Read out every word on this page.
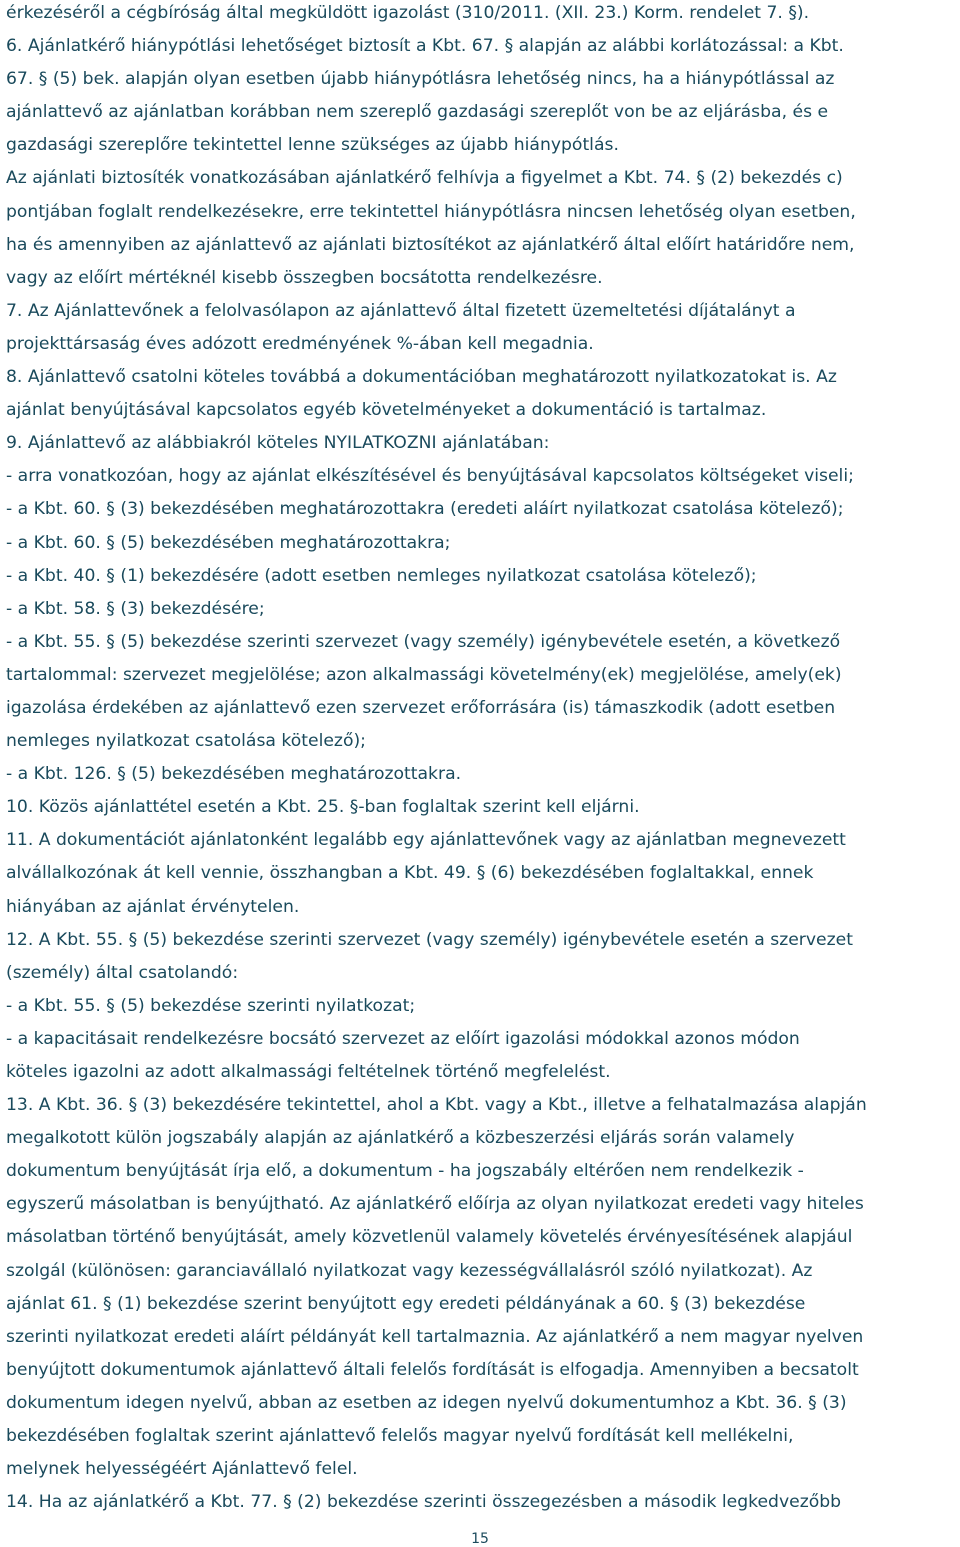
érkezéséről a cégbíróság által megküldött igazolást (310/2011. (XII. 23.) Korm. rendelet 7. §).
6. Ajánlatkérő hiánypótlási lehetőséget biztosít a Kbt. 67. § alapján az alábbi korlátozással: a Kbt.
67. § (5) bek. alapján olyan esetben újabb hiánypótlásra lehetőség nincs, ha a hiánypótlással az
ajánlattevő az ajánlatban korábban nem szereplő gazdasági szereplőt von be az eljárásba, és e
gazdasági szereplőre tekintettel lenne szükséges az újabb hiánypótlás.
Az ajánlati biztosíték vonatkozásában ajánlatkérő felhívja a figyelmet a Kbt. 74. § (2) bekezdés c)
pontjában foglalt rendelkezésekre, erre tekintettel hiánypótlásra nincsen lehetőség olyan esetben,
ha és amennyiben az ajánlattevő az ajánlati biztosítékot az ajánlatkérő által előírt határidőre nem,
vagy az előírt mértéknél kisebb összegben bocsátotta rendelkezésre.
7. Az Ajánlattevőnek a felolvasólapon az ajánlattevő által fizetett üzemeltetési díjátalányt a
projekttársaság éves adózott eredményének %-ában kell megadnia.
8. Ajánlattevő csatolni köteles továbbá a dokumentációban meghatározott nyilatkozatokat is. Az
ajánlat benyújtásával kapcsolatos egyéb követelményeket a dokumentáció is tartalmaz.
9. Ajánlattevő az alábbiakról köteles NYILATKOZNI ajánlatában:
- arra vonatkozóan, hogy az ajánlat elkészítésével és benyújtásával kapcsolatos költségeket viseli;
- a Kbt. 60. § (3) bekezdésében meghatározottakra (eredeti aláírt nyilatkozat csatolása kötelező);
- a Kbt. 60. § (5) bekezdésében meghatározottakra;
- a Kbt. 40. § (1) bekezdésére (adott esetben nemleges nyilatkozat csatolása kötelező);
- a Kbt. 58. § (3) bekezdésére;
- a Kbt. 55. § (5) bekezdése szerinti szervezet (vagy személy) igénybevétele esetén, a következő
tartalommal: szervezet megjelölése; azon alkalmassági követelmény(ek) megjelölése, amely(ek)
igazolása érdekében az ajánlattevő ezen szervezet erőforrására (is) támaszkodik (adott esetben
nemleges nyilatkozat csatolása kötelező);
- a Kbt. 126. § (5) bekezdésében meghatározottakra.
10. Közös ajánlattétel esetén a Kbt. 25. §-ban foglaltak szerint kell eljárni.
11. A dokumentációt ajánlatonként legalább egy ajánlattevőnek vagy az ajánlatban megnevezett
alvállalkozónak át kell vennie, összhangban a Kbt. 49. § (6) bekezdésében foglaltakkal, ennek
hiányában az ajánlat érvénytelen.
12. A Kbt. 55. § (5) bekezdése szerinti szervezet (vagy személy) igénybevétele esetén a szervezet
(személy) által csatolandó:
- a Kbt. 55. § (5) bekezdése szerinti nyilatkozat;
- a kapacitásait rendelkezésre bocsátó szervezet az előírt igazolási módokkal azonos módon
köteles igazolni az adott alkalmassági feltételnek történő megfelelést.
13. A Kbt. 36. § (3) bekezdésére tekintettel, ahol a Kbt. vagy a Kbt., illetve a felhatalmazása alapján
megalkotott külön jogszabály alapján az ajánlatkérő a közbeszerzési eljárás során valamely
dokumentum benyújtását írja elő, a dokumentum - ha jogszabály eltérően nem rendelkezik -
egyszerű másolatban is benyújtható. Az ajánlatkérő előírja az olyan nyilatkozat eredeti vagy hiteles
másolatban történő benyújtását, amely közvetlenül valamely követelés érvényesítésének alapjául
szolgál (különösen: garanciavállaló nyilatkozat vagy kezességvállalásról szóló nyilatkozat). Az
ajánlat 61. § (1) bekezdése szerint benyújtott egy eredeti példányának a 60. § (3) bekezdése
szerinti nyilatkozat eredeti aláírt példányát kell tartalmaznia. Az ajánlatkérő a nem magyar nyelven
benyújtott dokumentumok ajánlattevő általi felelős fordítását is elfogadja. Amennyiben a becsatolt
dokumentum idegen nyelvű, abban az esetben az idegen nyelvű dokumentumhoz a Kbt. 36. § (3)
bekezdésében foglaltak szerint ajánlattevő felelős magyar nyelvű fordítását kell mellékelni,
melynek helyességéért Ajánlattevő felel.
14. Ha az ajánlatkérő a Kbt. 77. § (2) bekezdése szerinti összegezésben a második legkedvezőbb
15
